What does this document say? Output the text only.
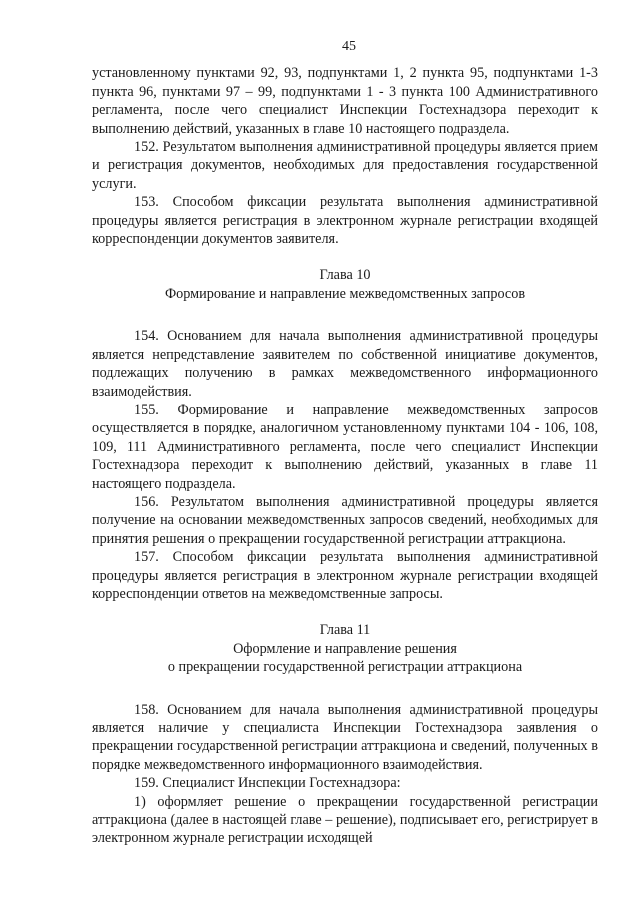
45

установленному пунктами 92, 93, подпунктами 1, 2 пункта 95, подпунктами 1-3 пункта 96, пунктами 97 – 99, подпунктами 1 - 3 пункта 100 Административного регламента, после чего специалист Инспекции Гостехнадзора переходит к выполнению действий, указанных в главе 10 настоящего подраздела.

152. Результатом выполнения административной процедуры является прием и регистрация документов, необходимых для предоставления государственной услуги.

153. Способом фиксации результата выполнения административной процедуры является регистрация в электронном журнале регистрации входящей корреспонденции документов заявителя.

Глава 10

Формирование и направление межведомственных запросов

154. Основанием для начала выполнения административной процедуры является непредставление заявителем по собственной инициативе документов, подлежащих получению в рамках межведомственного информационного взаимодействия.

155. Формирование и направление межведомственных запросов осуществляется в порядке, аналогичном установленному пунктами 104 - 106, 108, 109, 111 Административного регламента, после чего специалист Инспекции Гостехнадзора переходит к выполнению действий, указанных в главе 11 настоящего подраздела.

156. Результатом выполнения административной процедуры является получение на основании межведомственных запросов сведений, необходимых для принятия решения о прекращении государственной регистрации аттракциона.

157. Способом фиксации результата выполнения административной процедуры является регистрация в электронном журнале регистрации входящей корреспонденции ответов на межведомственные запросы.

Глава 11

Оформление и направление решения

о прекращении государственной регистрации аттракциона

158. Основанием для начала выполнения административной процедуры является наличие у специалиста Инспекции Гостехнадзора заявления о прекращении государственной регистрации аттракциона и сведений, полученных в порядке межведомственного информационного взаимодействия.

159. Специалист Инспекции Гостехнадзора:

1) оформляет решение о прекращении государственной регистрации аттракциона (далее в настоящей главе – решение), подписывает его, регистрирует в электронном журнале регистрации исходящей
